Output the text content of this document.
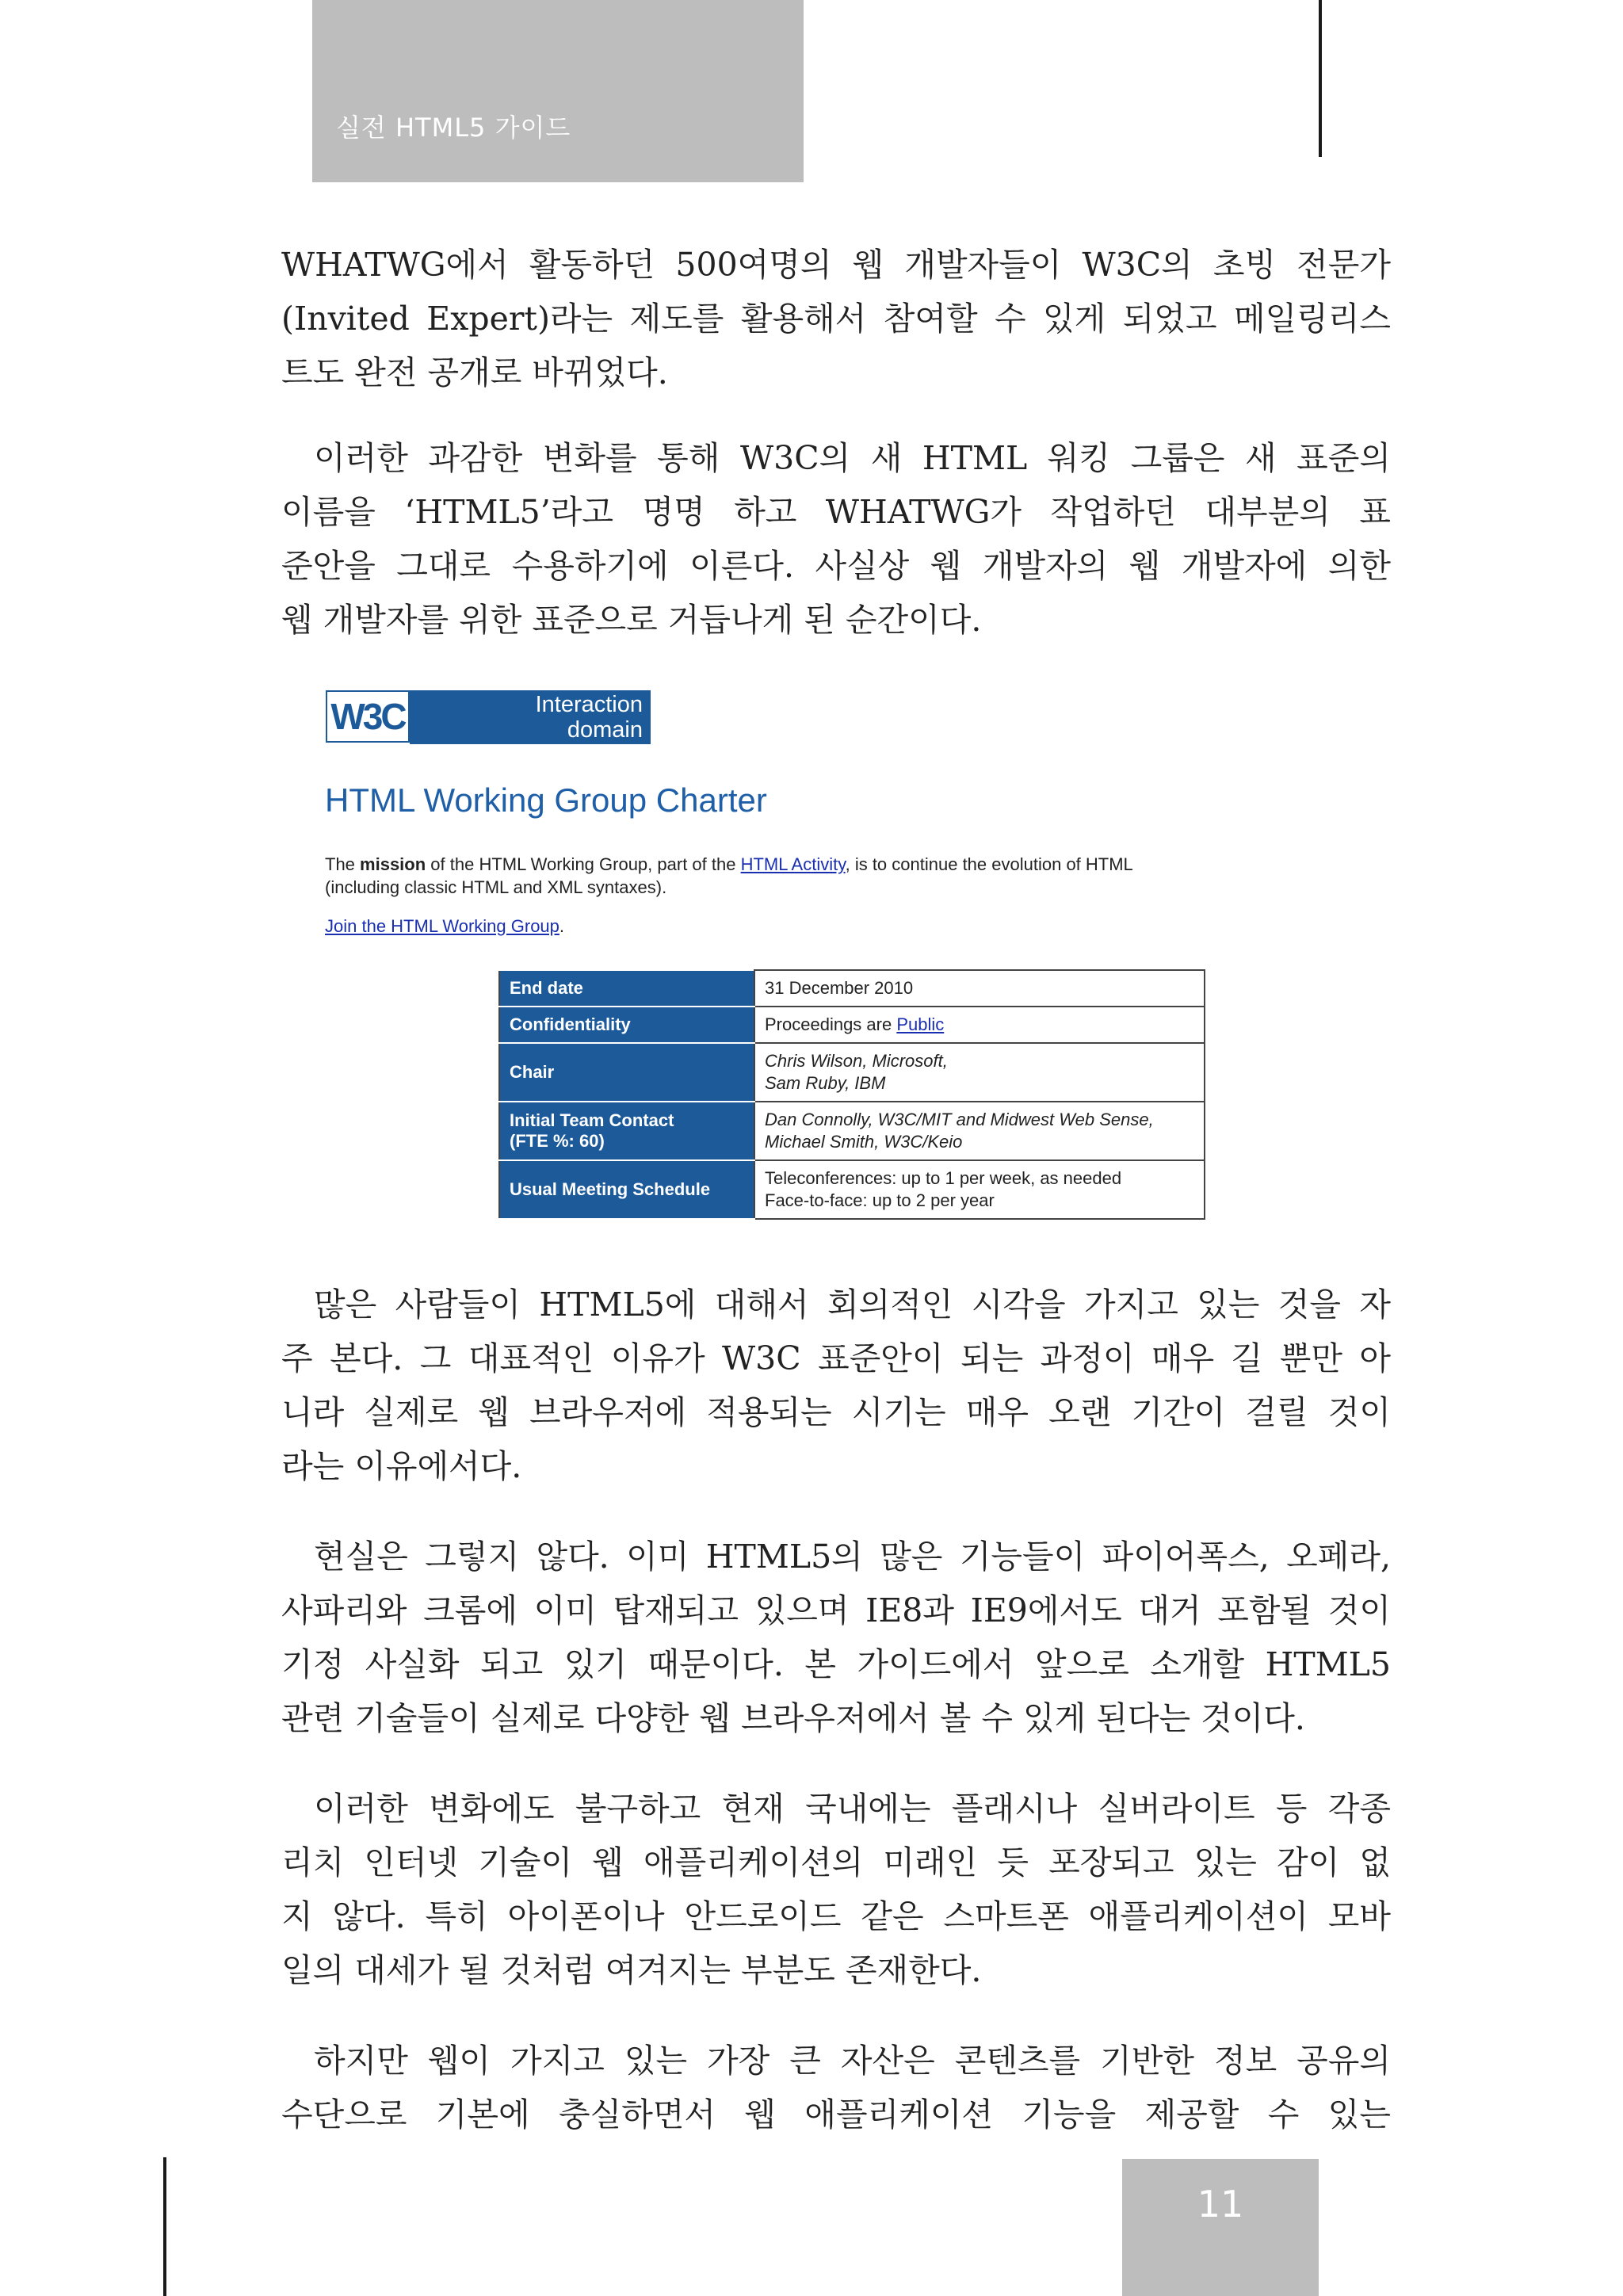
실전 HTML5 가이드
WHATWG에서 활동하던 500여명의 웹 개발자들이 W3C의 초빙 전문가
(Invited Expert)라는 제도를 활용해서 참여할 수 있게 되었고 메일링리스
트도 완전 공개로 바뀌었다.
이러한 과감한 변화를 통해 W3C의 새 HTML 워킹 그룹은 새 표준의
이름을 ‘HTML5’라고 명명 하고 WHATWG가 작업하던 대부분의 표
준안을 그대로 수용하기에 이른다. 사실상 웹 개발자의 웹 개발자에 의한
웹 개발자를 위한 표준으로 거듭나게 된 순간이다.
W3C	Interaction
domain
HTML Working Group Charter
The mission of the HTML Working Group, part of the HTML Activity, is to continue the evolution of HTML
(including classic HTML and XML syntaxes).
Join the HTML Working Group.
End date	31 December 2010
Confidentiality	Proceedings are Public
Chair	Chris Wilson, Microsoft,
Sam Ruby, IBM
Initial Team Contact
(FTE %: 60)	Dan Connolly, W3C/MIT and Midwest Web Sense,
Michael Smith, W3C/Keio
Usual Meeting Schedule	Teleconferences: up to 1 per week, as needed
Face-to-face: up to 2 per year
많은 사람들이 HTML5에 대해서 회의적인 시각을 가지고 있는 것을 자
주 본다. 그 대표적인 이유가 W3C 표준안이 되는 과정이 매우 길 뿐만 아
니라 실제로 웹 브라우저에 적용되는 시기는 매우 오랜 기간이 걸릴 것이
라는 이유에서다.
현실은 그렇지 않다. 이미 HTML5의 많은 기능들이 파이어폭스, 오페라,
사파리와 크롬에 이미 탑재되고 있으며 IE8과 IE9에서도 대거 포함될 것이
기정 사실화 되고 있기 때문이다. 본 가이드에서 앞으로 소개할 HTML5
관련 기술들이 실제로 다양한 웹 브라우저에서 볼 수 있게 된다는 것이다.
이러한 변화에도 불구하고 현재 국내에는 플래시나 실버라이트 등 각종
리치 인터넷 기술이 웹 애플리케이션의 미래인 듯 포장되고 있는 감이 없
지 않다. 특히 아이폰이나 안드로이드 같은 스마트폰 애플리케이션이 모바
일의 대세가 될 것처럼 여겨지는 부분도 존재한다.
하지만 웹이 가지고 있는 가장 큰 자산은 콘텐츠를 기반한 정보 공유의
수단으로 기본에 충실하면서 웹 애플리케이션 기능을 제공할 수 있는
11
